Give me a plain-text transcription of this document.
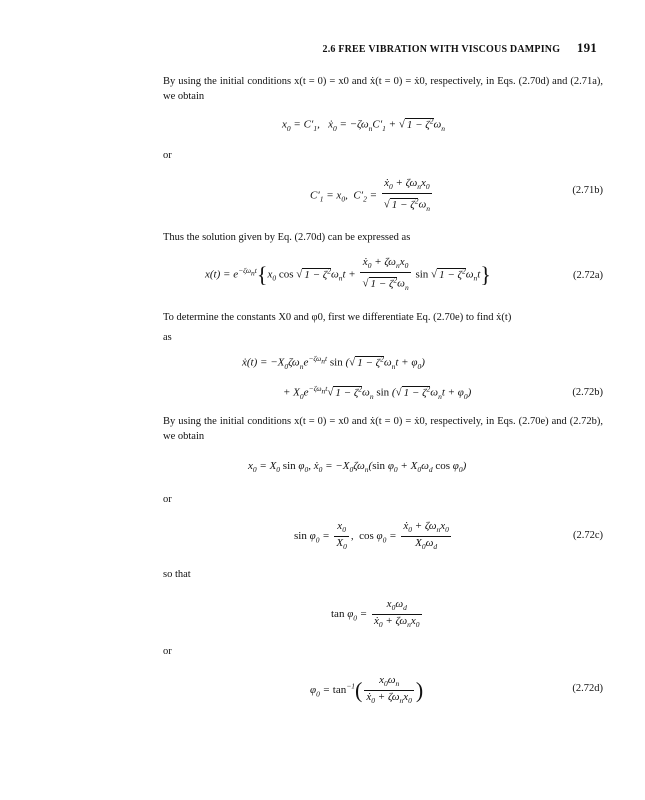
2.6 FREE VIBRATION WITH VISCOUS DAMPING 191
By using the initial conditions x(t = 0) = x0 and ẋ(t = 0) = ẋ0, respectively, in Eqs. (2.70d) and (2.71a), we obtain
$x_0 = C'_1$,   ẋ$_0$ = $-\zeta\omega_nC'_1$ + √ $1 - \zeta^2\omega_n$
or
$C'_1 = x_0$,  $C'_2 = \frac{ẋ_0 + \zeta\omega_nx_0}{√ 1 - \zeta^2\omega_n}$	(2.71b)
Thus the solution given by Eq. (2.70d) can be expressed as
$x(t) = e^{-\zeta\omega_nt}\{x_0$ cos √ $1 - \zeta^2\omega_nt + \frac{ẋ_0 + \zeta\omega_nx_0}{√ 1 - \zeta^2\omega_n}$ sin √ $1 - \zeta^2\omega_nt$}	(2.72a)
To determine the constants X0 and φ0, first we differentiate Eq. (2.70e) to find ẋ(t)
as
ẋ(t) = $-X_0\zeta\omega_ne^{-\zeta\omega_nt}$ sin (√ $1 - \zeta^2\omega_nt + \varphi_0$)
+ $X_0e^{-\zeta\omega_nt}√$ $1 - \zeta^2\omega_n$ sin (√ $1 - \zeta^2\omega_nt + \varphi_0$)	(2.72b)
By using the initial conditions x(t = 0) = x0 and ẋ(t = 0) = ẋ0, respectively, in Eqs. (2.70e) and (2.72b), we obtain
$x_0 = X_0$ $\sin \varphi_0$, ẋ$_0$ = $-X_0\zeta\omega_n(\sin$ $\varphi_0 + X_0\omega_d$ $\cos \varphi_0$)
or
$\sin \varphi_0 = \frac{x_0}{X_0}$ ,  $\cos \varphi_0 = \frac{ẋ_0 + \zeta\omega_nx_0}{X_0\omega_d}$	(2.72c)
so that
$\tan \varphi_0 = \frac{x_0\omega_d}{ẋ_0 + \zeta\omega_nx_0}$
or
$\varphi_0 = \tan^{-1}( \frac{x_0\omega_n}{ẋ_0 + \zeta\omega_nx_0}$ )	(2.72d)
